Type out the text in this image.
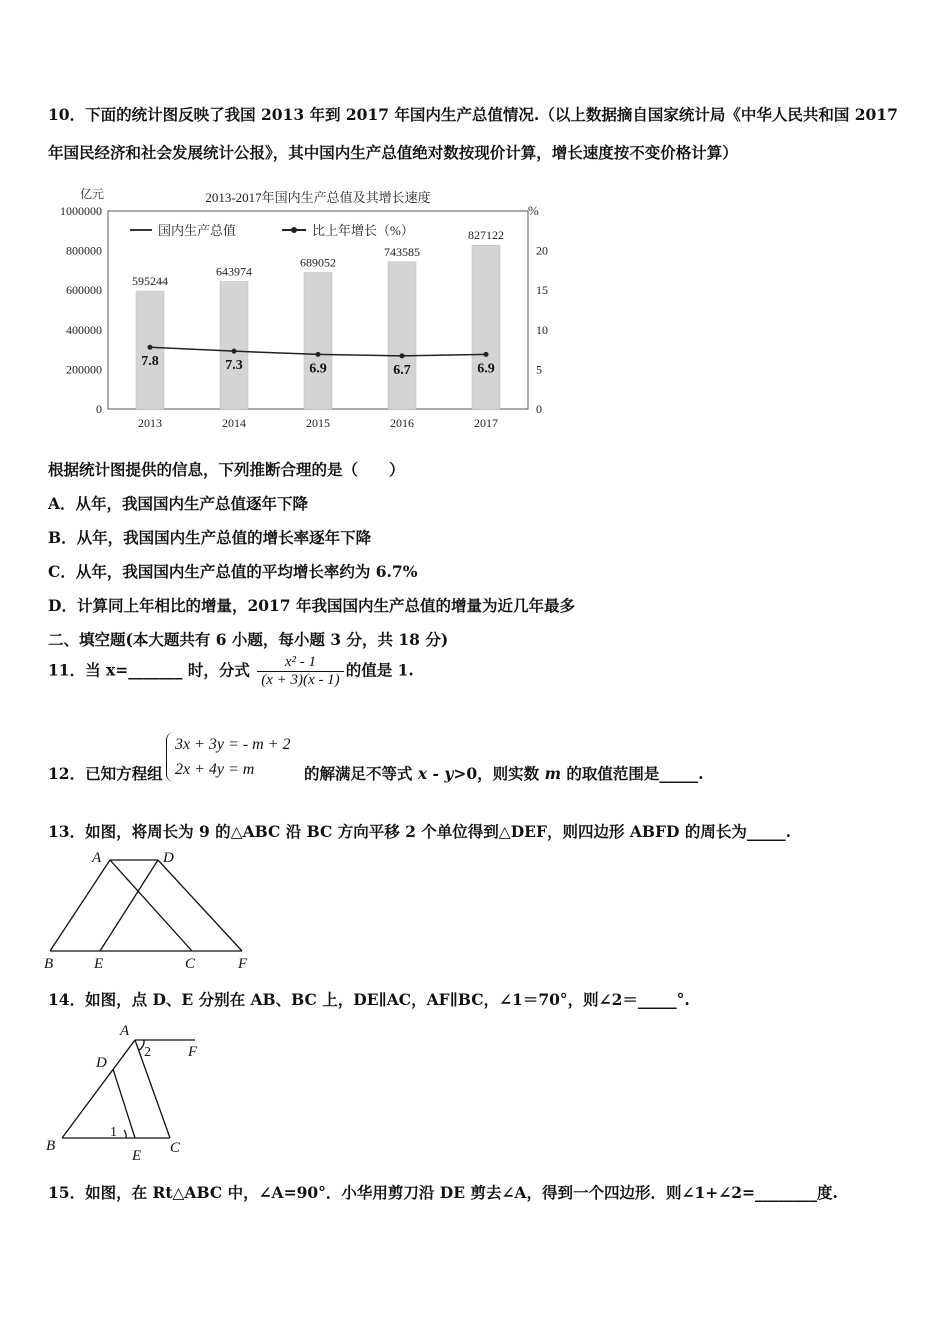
10．下面的统计图反映了我国 2013 年到 2017 年国内生产总值情况.（以上数据摘自国家统计局《中华人民共和国 2017
年国民经济和社会发展统计公报》，其中国内生产总值绝对数按现价计算，增长速度按不变价格计算）
亿元
%
2013-2017年国内生产总值及其增长速度
595244
643974
689052
743585
827122
1000000
800000
600000
400000
200000
0
20
15
10
5
0
2013	2014	2015	2016	2017
7.8	7.3	6.9	6.7	6.9
国内生产总值	比上年增长（%）
根据统计图提供的信息，下列推断合理的是（　　）
A．从年，我国国内生产总值逐年下降
B．从年，我国国内生产总值的增长率逐年下降
C．从年，我国国内生产总值的平均增长率约为 6.7%
D．计算同上年相比的增量，2017 年我国国内生产总值的增量为近几年最多
二、填空题(本大题共有 6 小题，每小题 3 分，共 18 分)
11．当 x=_______ 时，分式 $\frac{\text{x² - 1}}{(x + 3)(x - 1)}$ 的值是 1.
12．已知方程组
3x + 3y = - m + 2
2x + 4y = m	的解满足不等式 x - y>0，则实数 m 的取值范围是_____.
13．如图，将周长为 9 的△ABC 沿 BC 方向平移 2 个单位得到△DEF，则四边形 ABFD 的周长为_____.
A	D
B	E	C	F
14．如图，点 D、E 分别在 AB、BC 上，DE∥AC，AF∥BC，∠1＝70°，则∠2＝_____°.
A
F
D
B
E C
1
2
15．如图，在 Rt△ABC 中，∠A=90°．小华用剪刀沿 DE 剪去∠A，得到一个四边形．则∠1+∠2=________度.
